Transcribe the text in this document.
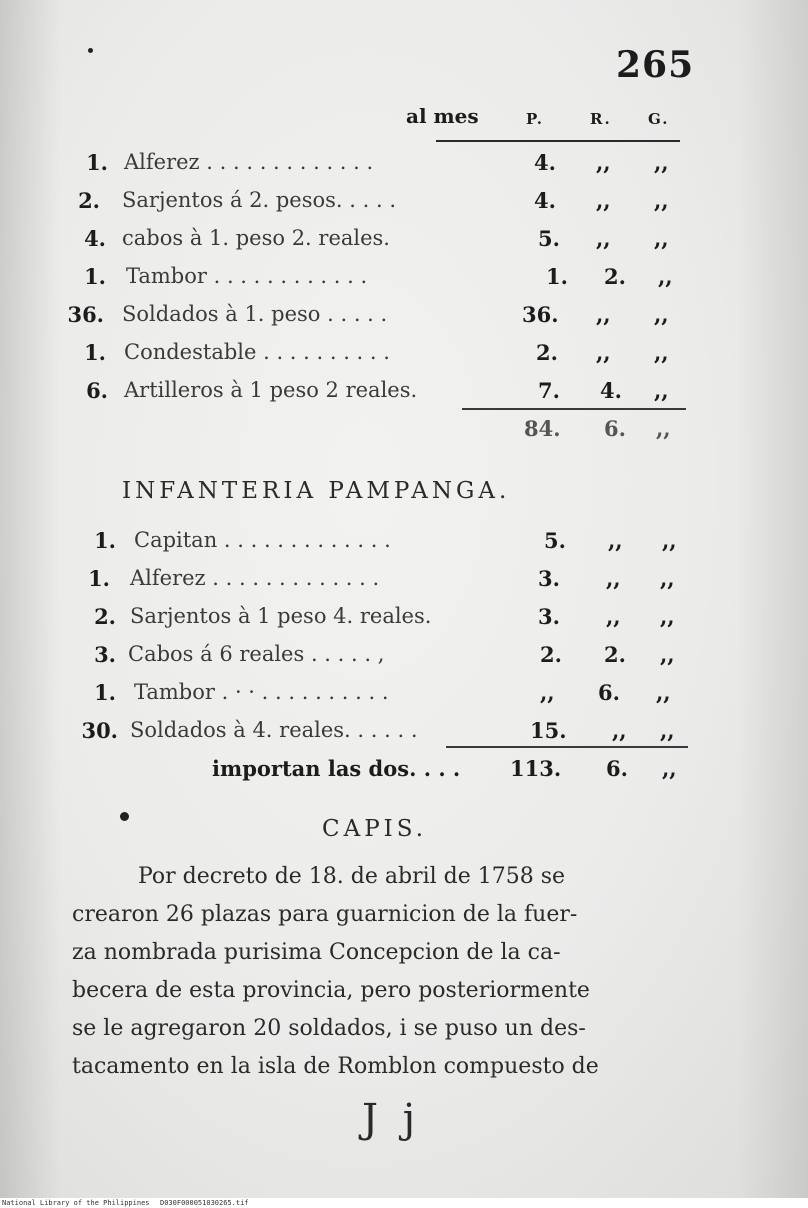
265
al mes	P.	R. G.
1. Alferez . . . . . . . . . . . . .	4. ,, ,,
2. Sarjentos á 2. pesos. . . . .	4. ,, ,,
4. cabos à 1. peso 2. reales.	5. ,, ,,
1. Tambor . . . . . . . . . . . .	1. 2. ,,
36. Soldados à 1. peso . . . . .	36. ,, ,,
1. Condestable . . . . . . . . . .	2. ,, ,,
6. Artilleros à 1 peso 2 reales.	7. 4. ,,
84. 6. ,,
INFANTERIA PAMPANGA.
1. Capitan . . . . . . . . . . . . .	5. ,, ,,
1. Alferez . . . . . . . . . . . . .	3. ,, ,,
2. Sarjentos à 1 peso 4. reales.	3. ,, ,,
3. Cabos á 6 reales . . . . . ,	2. 2. ,,
1. Tambor . · · . . . . . . . . . .	,, 6. ,,
30. Soldados à 4. reales. . . . . .	15. ,, ,,
importan las dos. . . . 113. 6. ,,
CAPIS.
Por decreto de 18. de abril de 1758 se
crearon 26 plazas para guarnicion de la fuer-
za nombrada purisima Concepcion de la ca-
becera de esta provincia, pero posteriormente
se le agregaron 20 soldados, i se puso un des-
tacamento en la isla de Romblon compuesto de
J j
National Library of the Philippines D030F000051030265.tif
